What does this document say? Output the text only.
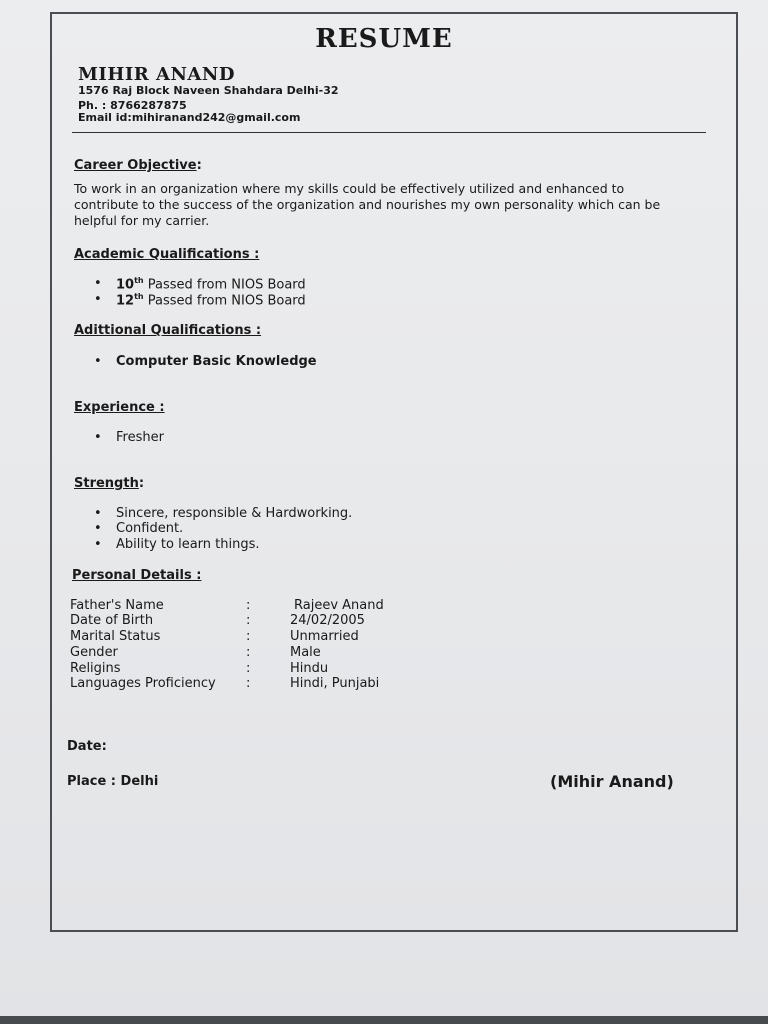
RESUME
MIHIR ANAND
1576 Raj Block Naveen Shahdara Delhi-32
Ph. : 8766287875
Email id:mihiranand242@gmail.com
Career Objective:
To work in an organization where my skills could be effectively utilized and enhanced to
contribute to the success of the organization and nourishes my own personality which can be
helpful for my carrier.
Academic Qualifications :
• 10th Passed from NIOS Board
• 12th Passed from NIOS Board
Adittional Qualifications :
• Computer Basic Knowledge
Experience :
• Fresher
Strength:
• Sincere, responsible & Hardworking.
• Confident.
• Ability to learn things.
Personal Details :
Father's Name	:	Rajeev Anand
Date of Birth	:	24/02/2005
Marital Status	:	Unmarried
Gender	:	Male
Religins	:	Hindu
Languages Proficiency :	Hindi, Punjabi
Date:
Place : Delhi	(Mihir Anand)
